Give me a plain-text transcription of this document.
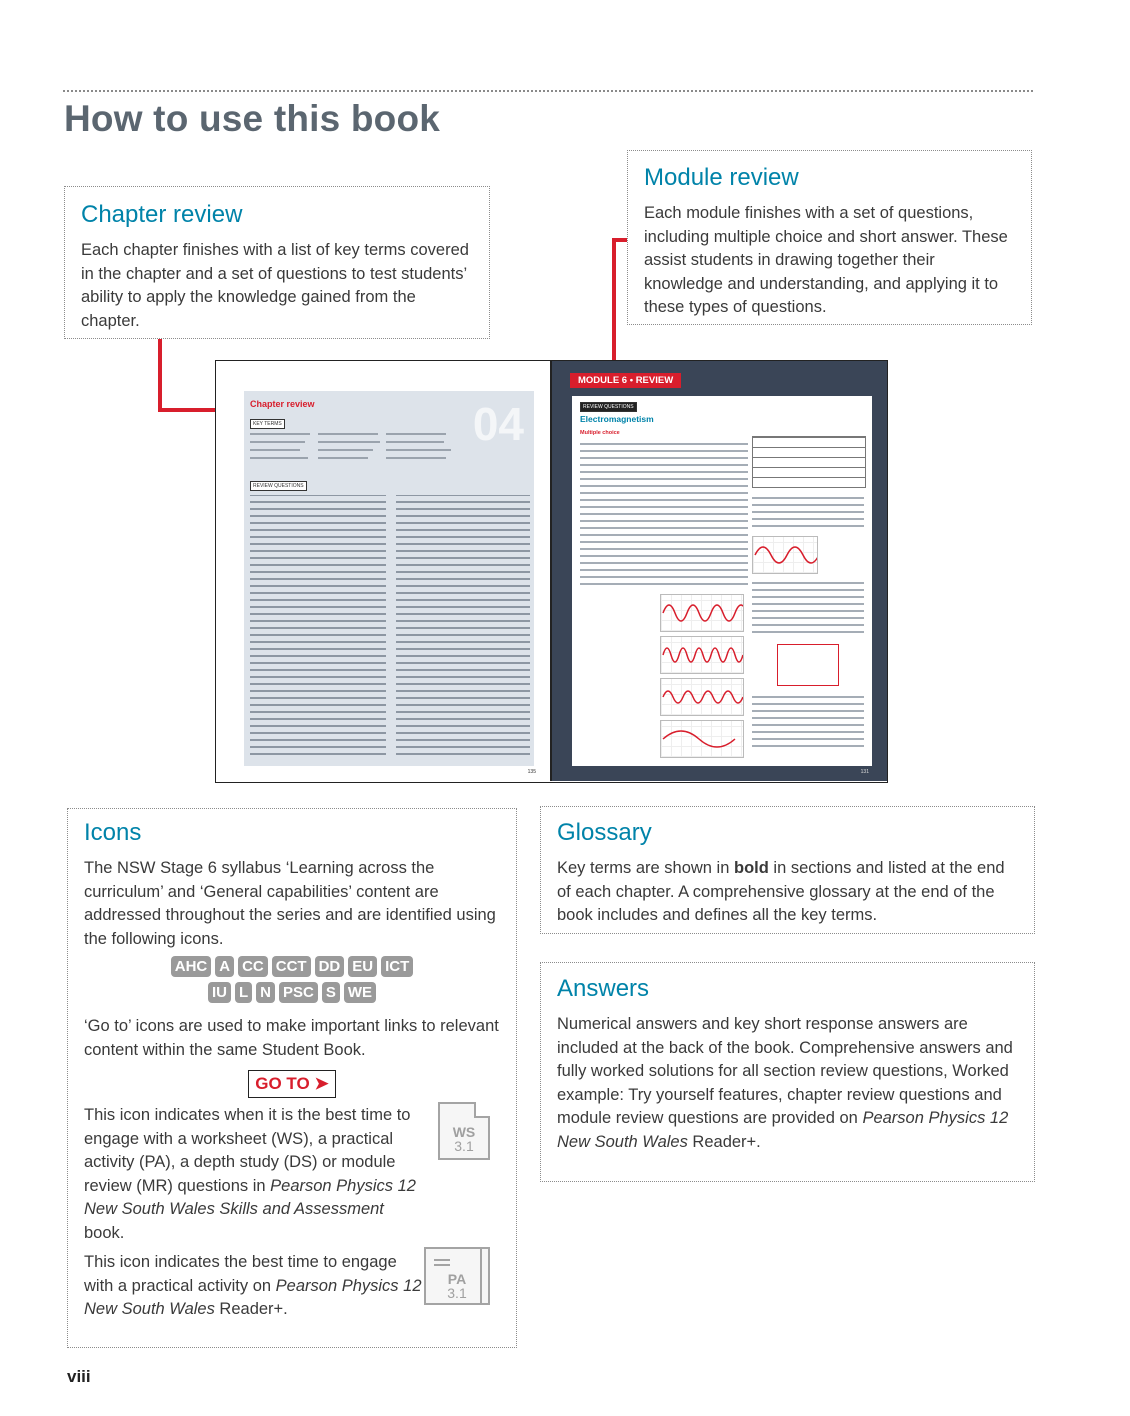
How to use this book
Chapter review

Each chapter finishes with a list of key terms covered in the chapter and a set of questions to test students’ ability to apply the knowledge gained from the chapter.

Module review

Each module finishes with a set of questions, including multiple choice and short answer. These assist students in drawing together their knowledge and understanding, and applying it to these types of questions.

04
Chapter review
KEY TERMS
REVIEW QUESTIONS
135
MODULE 6 • REVIEW
REVIEW QUESTIONS
Electromagnetism
Multiple choice
131
Icons

The NSW Stage 6 syllabus ‘Learning across the curriculum’ and ‘General capabilities’ content are addressed throughout the series and are identified using the following icons.

AHC A CC CCT DD EU ICT
IU L N PSC S WE

‘Go to’ icons are used to make important links to relevant content within the same Student Book.

GO TO ➤

This icon indicates when it is the best time to engage with a worksheet (WS), a practical activity (PA), a depth study (DS) or module review (MR) questions in Pearson Physics 12 New South Wales Skills and Assessment book.

This icon indicates the best time to engage with a practical activity on Pearson Physics 12 New South Wales Reader+.

WS
3.1
PA
3.1
Glossary

Key terms are shown in bold in sections and listed at the end of each chapter. A comprehensive glossary at the end of the book includes and defines all the key terms.

Answers

Numerical answers and key short response answers are included at the back of the book. Comprehensive answers and fully worked solutions for all section review questions, Worked example: Try yourself features, chapter review questions and module review questions are provided on Pearson Physics 12 New South Wales Reader+.

viii
